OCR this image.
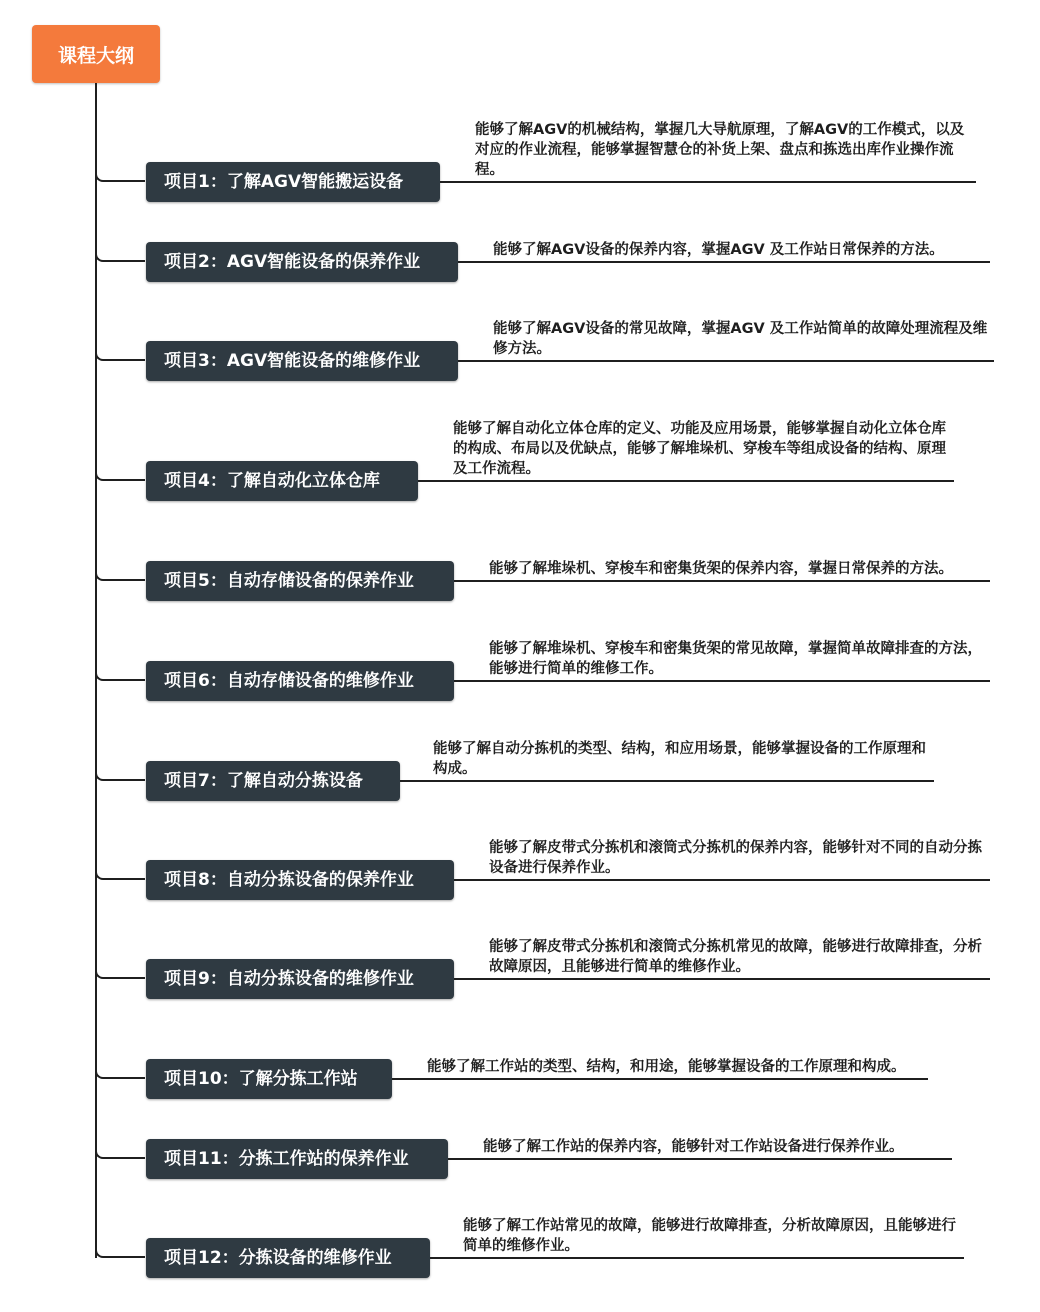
课程大纲
项目1：了解AGV智能搬运设备
能够了解AGV的机械结构，掌握几大导航原理，了解AGV的工作模式，以及对应的作业流程，能够掌握智慧仓的补货上架、盘点和拣选出库作业操作流程。
项目2：AGV智能设备的保养作业
能够了解AGV设备的保养内容，掌握AGV 及工作站日常保养的方法。
项目3：AGV智能设备的维修作业
能够了解AGV设备的常见故障，掌握AGV 及工作站简单的故障处理流程及维修方法。
项目4：了解自动化立体仓库
能够了解自动化立体仓库的定义、功能及应用场景，能够掌握自动化立体仓库的构成、布局以及优缺点，能够了解堆垛机、穿梭车等组成设备的结构、原理及工作流程。
项目5：自动存储设备的保养作业
能够了解堆垛机、穿梭车和密集货架的保养内容，掌握日常保养的方法。
项目6：自动存储设备的维修作业
能够了解堆垛机、穿梭车和密集货架的常见故障，掌握简单故障排查的方法，能够进行简单的维修工作。
项目7：了解自动分拣设备
能够了解自动分拣机的类型、结构，和应用场景，能够掌握设备的工作原理和构成。
项目8：自动分拣设备的保养作业
能够了解皮带式分拣机和滚筒式分拣机的保养内容，能够针对不同的自动分拣设备进行保养作业。
项目9：自动分拣设备的维修作业
能够了解皮带式分拣机和滚筒式分拣机常见的故障，能够进行故障排查，分析故障原因，且能够进行简单的维修作业。
项目10：了解分拣工作站
能够了解工作站的类型、结构，和用途，能够掌握设备的工作原理和构成。
项目11：分拣工作站的保养作业
能够了解工作站的保养内容，能够针对工作站设备进行保养作业。
项目12：分拣设备的维修作业
能够了解工作站常见的故障，能够进行故障排查，分析故障原因，且能够进行简单的维修作业。
